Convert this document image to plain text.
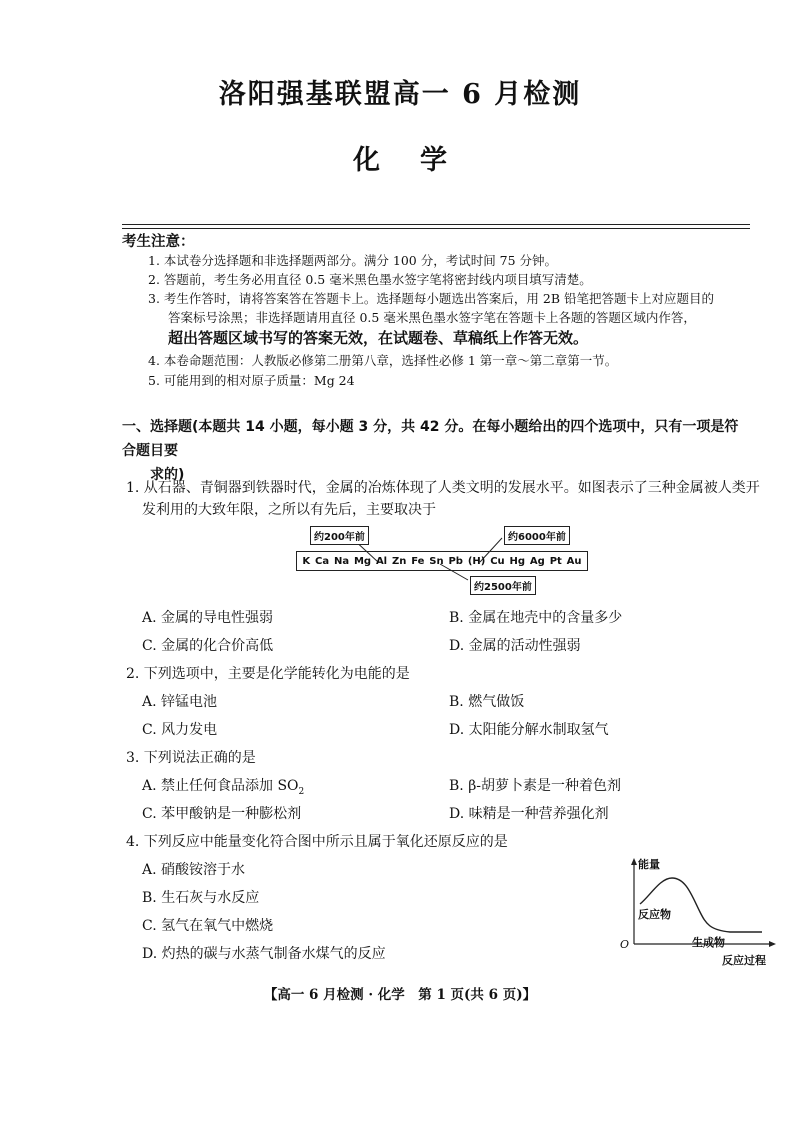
洛阳强基联盟高一 6 月检测
化学
考生注意：
1. 本试卷分选择题和非选择题两部分。满分 100 分，考试时间 75 分钟。
2. 答题前，考生务必用直径 0.5 毫米黑色墨水签字笔将密封线内项目填写清楚。
3. 考生作答时，请将答案答在答题卡上。选择题每小题选出答案后，用 2B 铅笔把答题卡上对应题目的
答案标号涂黑；非选择题请用直径 0.5 毫米黑色墨水签字笔在答题卡上各题的答题区域内作答，
超出答题区域书写的答案无效，在试题卷、草稿纸上作答无效。
4. 本卷命题范围：人教版必修第二册第八章，选择性必修 1 第一章～第二章第一节。
5. 可能用到的相对原子质量：Mg 24
一、选择题(本题共 14 小题，每小题 3 分，共 42 分。在每小题给出的四个选项中，只有一项是符合题目要
求的)
1. 从石器、青铜器到铁器时代，金属的冶炼体现了人类文明的发展水平。如图表示了三种金属被人类开
发利用的大致年限，之所以有先后，主要取决于
约200年前	约6000年前
约2500年前
K Ca Na Mg Al Zn Fe Sn Pb (H) Cu Hg Ag Pt Au
A. 金属的导电性强弱	B. 金属在地壳中的含量多少
C. 金属的化合价高低	D. 金属的活动性强弱
2. 下列选项中，主要是化学能转化为电能的是
A. 锌锰电池	B. 燃气做饭
C. 风力发电	D. 太阳能分解水制取氢气
3. 下列说法正确的是
A. 禁止任何食品添加 $SO_2$	B. β-胡萝卜素是一种着色剂
C. 苯甲酸钠是一种膨松剂	D. 味精是一种营养强化剂
4. 下列反应中能量变化符合图中所示且属于氧化还原反应的是
A. 硝酸铵溶于水
B. 生石灰与水反应
C. 氢气在氧气中燃烧
D. 灼热的碳与水蒸气制备水煤气的反应
能量
反应物
生成物
O
反应过程
【高一 6 月检测 · 化学　第 1 页(共 6 页)】
